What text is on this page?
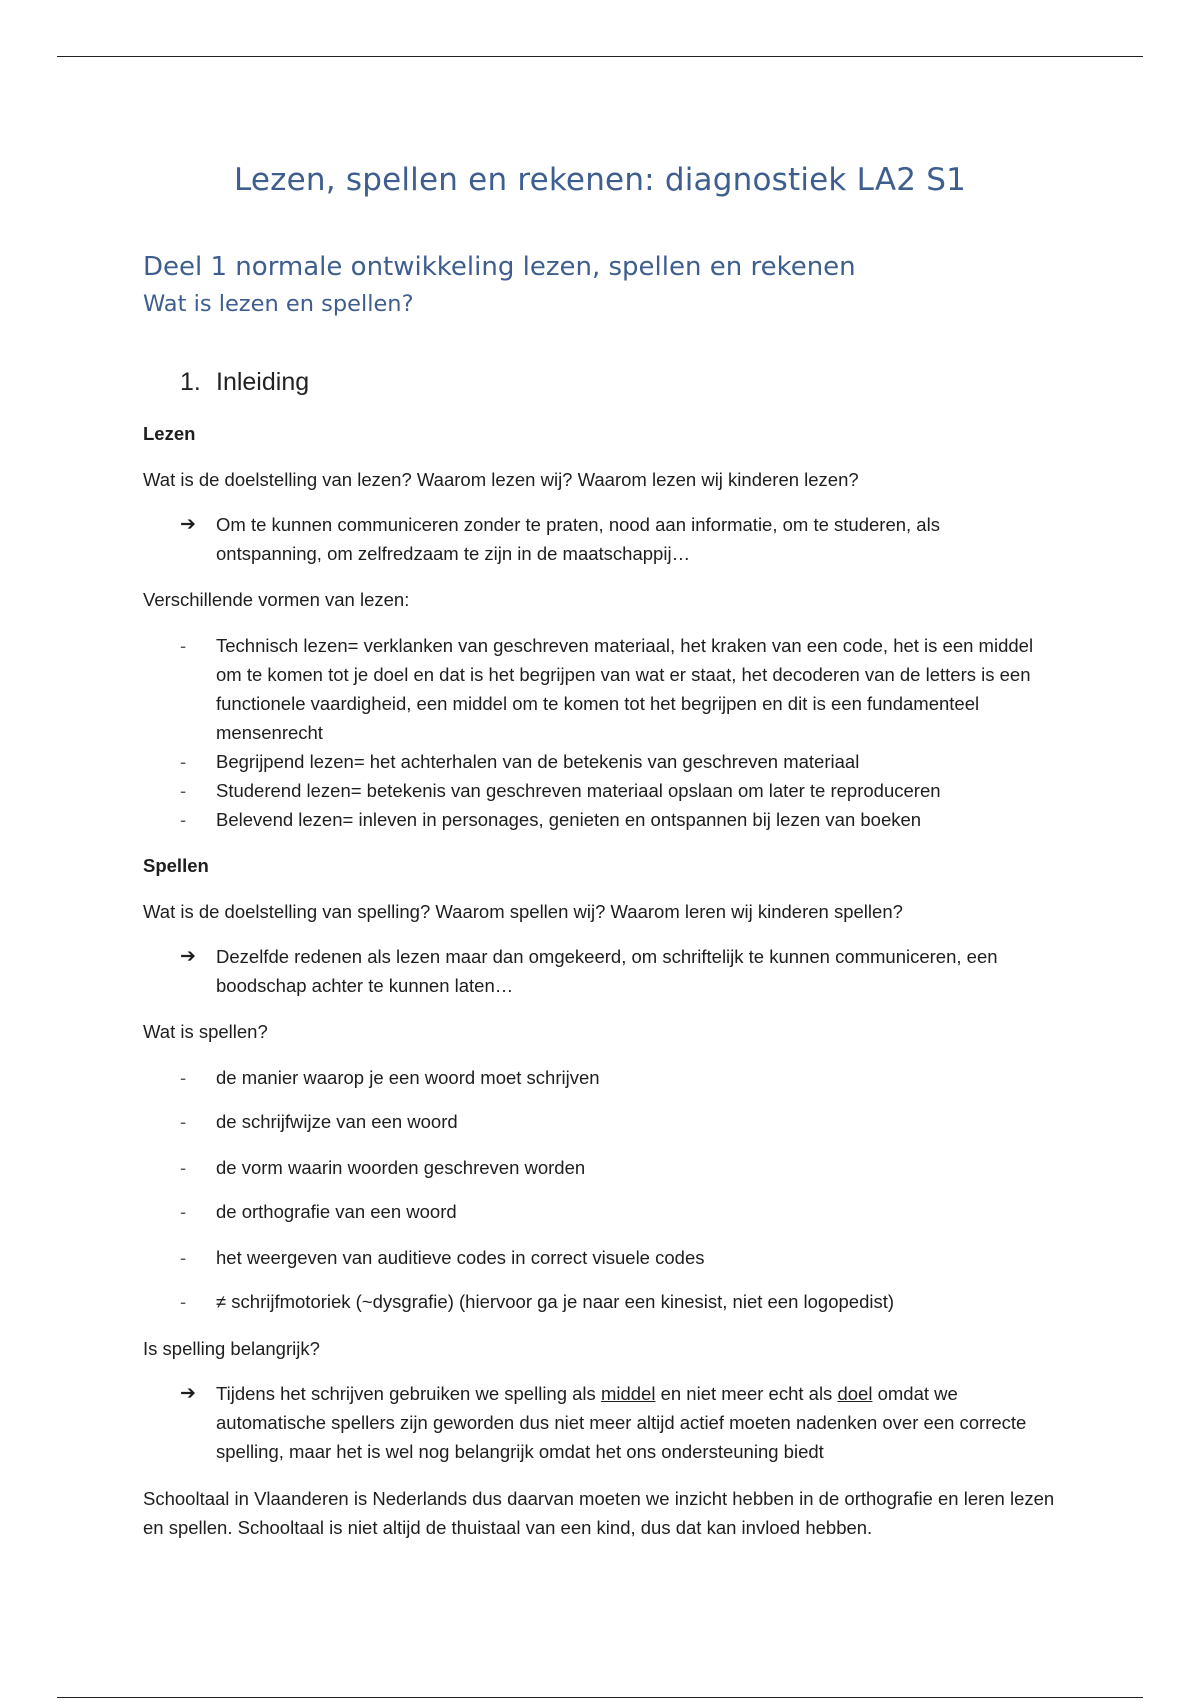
Lezen, spellen en rekenen: diagnostiek LA2 S1
Deel 1 normale ontwikkeling lezen, spellen en rekenen
Wat is lezen en spellen?
1. Inleiding
Lezen
Wat is de doelstelling van lezen? Waarom lezen wij? Waarom lezen wij kinderen lezen?
➔	Om te kunnen communiceren zonder te praten, nood aan informatie, om te studeren, als ontspanning, om zelfredzaam te zijn in de maatschappij…
Verschillende vormen van lezen:
- Technisch lezen= verklanken van geschreven materiaal, het kraken van een code, het is een middel om te komen tot je doel en dat is het begrijpen van wat er staat, het decoderen van de letters is een functionele vaardigheid, een middel om te komen tot het begrijpen en dit is een fundamenteel mensenrecht
- Begrijpend lezen= het achterhalen van de betekenis van geschreven materiaal
- Studerend lezen= betekenis van geschreven materiaal opslaan om later te reproduceren
- Belevend lezen= inleven in personages, genieten en ontspannen bij lezen van boeken
Spellen
Wat is de doelstelling van spelling? Waarom spellen wij? Waarom leren wij kinderen spellen?
➔	Dezelfde redenen als lezen maar dan omgekeerd, om schriftelijk te kunnen communiceren, een boodschap achter te kunnen laten…
Wat is spellen?
- de manier waarop je een woord moet schrijven
- de schrijfwijze van een woord
- de vorm waarin woorden geschreven worden
- de orthografie van een woord
- het weergeven van auditieve codes in correct visuele codes
- ≠ schrijfmotoriek (~dysgrafie) (hiervoor ga je naar een kinesist, niet een logopedist)
Is spelling belangrijk?
➔	Tijdens het schrijven gebruiken we spelling als middel en niet meer echt als doel omdat we automatische spellers zijn geworden dus niet meer altijd actief moeten nadenken over een correcte spelling, maar het is wel nog belangrijk omdat het ons ondersteuning biedt
Schooltaal in Vlaanderen is Nederlands dus daarvan moeten we inzicht hebben in de orthografie en leren lezen en spellen. Schooltaal is niet altijd de thuistaal van een kind, dus dat kan invloed hebben.
